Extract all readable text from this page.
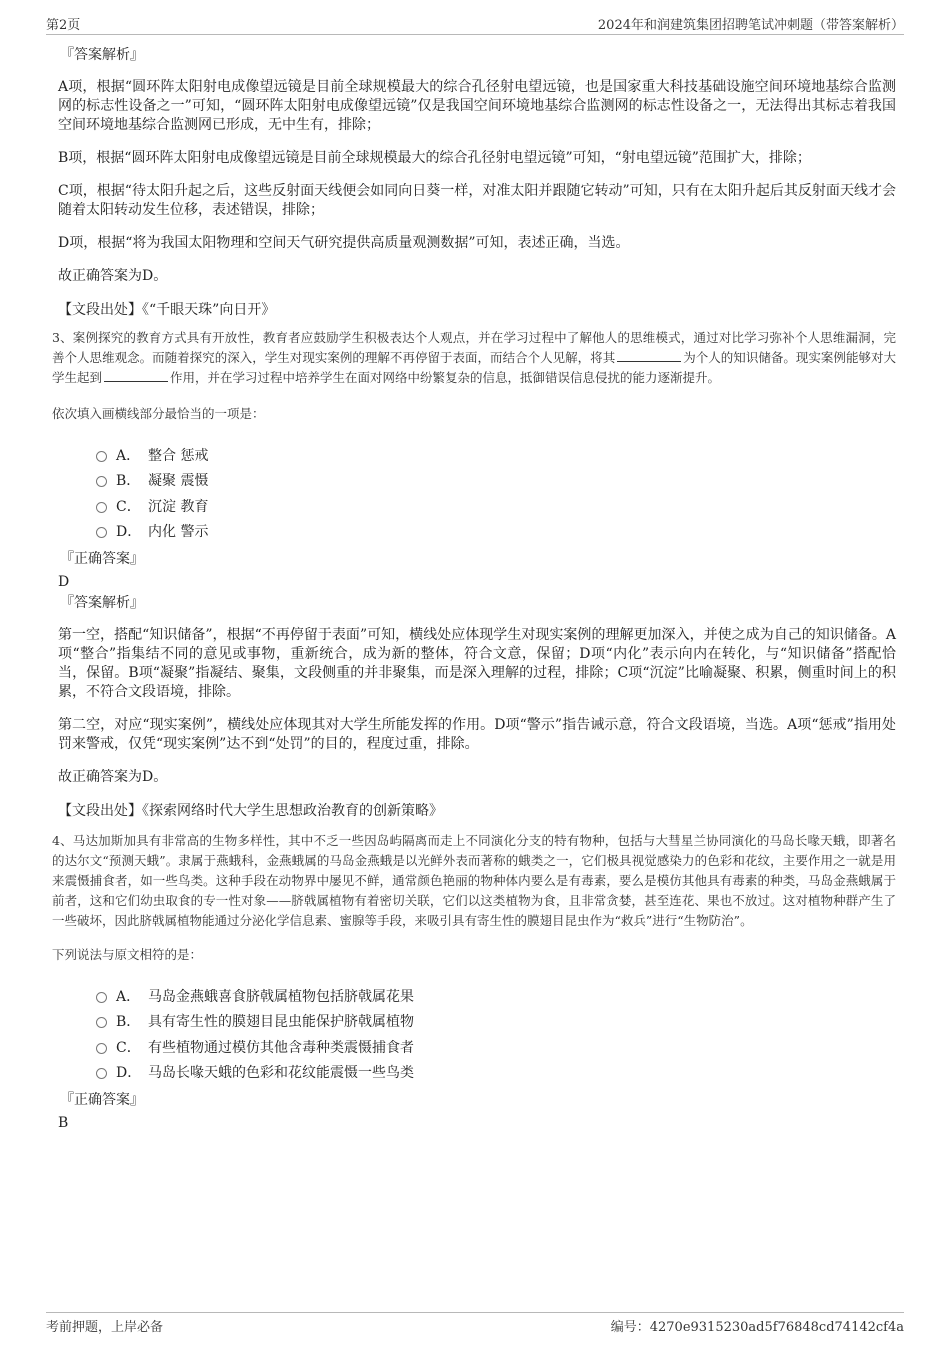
第2页	2024年和润建筑集团招聘笔试冲刺题（带答案解析）
『答案解析』
A项，根据“圆环阵太阳射电成像望远镜是目前全球规模最大的综合孔径射电望远镜，也是国家重大科技基础设施空间环境地基综合监测网的标志性设备之一”可知，“圆环阵太阳射电成像望远镜”仅是我国空间环境地基综合监测网的标志性设备之一，无法得出其标志着我国空间环境地基综合监测网已形成，无中生有，排除；
B项，根据“圆环阵太阳射电成像望远镜是目前全球规模最大的综合孔径射电望远镜”可知，“射电望远镜”范围扩大，排除；
C项，根据“待太阳升起之后，这些反射面天线便会如同向日葵一样，对准太阳并跟随它转动”可知，只有在太阳升起后其反射面天线才会随着太阳转动发生位移，表述错误，排除；
D项，根据“将为我国太阳物理和空间天气研究提供高质量观测数据”可知，表述正确，当选。
故正确答案为D。
【文段出处】《“千眼天珠”向日开》
3、案例探究的教育方式具有开放性，教育者应鼓励学生积极表达个人观点，并在学习过程中了解他人的思维模式，通过对比学习弥补个人思维漏洞，完善个人思维观念。而随着探究的深入，学生对现实案例的理解不再停留于表面，而结合个人见解，将其	为个人的知识储备。现实案例能够对大学生起到	作用，并在学习过程中培养学生在面对网络中纷繁复杂的信息，抵御错误信息侵扰的能力逐渐提升。
依次填入画横线部分最恰当的一项是：
A． 整合 惩戒
B． 凝聚 震慑
C． 沉淀 教育
D． 内化 警示
『正确答案』
D
『答案解析』
第一空，搭配“知识储备”，根据“不再停留于表面”可知，横线处应体现学生对现实案例的理解更加深入，并使之成为自己的知识储备。A项“整合”指集结不同的意见或事物，重新统合，成为新的整体，符合文意，保留；D项“内化”表示向内在转化，与“知识储备”搭配恰当，保留。B项“凝聚”指凝结、聚集，文段侧重的并非聚集，而是深入理解的过程，排除；C项“沉淀”比喻凝聚、积累，侧重时间上的积累，不符合文段语境，排除。
第二空，对应“现实案例”，横线处应体现其对大学生所能发挥的作用。D项“警示”指告诫示意，符合文段语境，当选。A项“惩戒”指用处罚来警戒，仅凭“现实案例”达不到“处罚”的目的，程度过重，排除。
故正确答案为D。
【文段出处】《探索网络时代大学生思想政治教育的创新策略》
4、马达加斯加具有非常高的生物多样性，其中不乏一些因岛屿隔离而走上不同演化分支的特有物种，包括与大彗星兰协同演化的马岛长喙天蛾，即著名的达尔文“预测天蛾”。隶属于燕蛾科，金燕蛾属的马岛金燕蛾是以光鲜外表而著称的蛾类之一，它们极具视觉感染力的色彩和花纹，主要作用之一就是用来震慑捕食者，如一些鸟类。这种手段在动物界中屡见不鲜，通常颜色艳丽的物种体内要么是有毒素，要么是模仿其他具有毒素的种类，马岛金燕蛾属于前者，这和它们幼虫取食的专一性对象——脐戟属植物有着密切关联，它们以这类植物为食，且非常贪婪，甚至连花、果也不放过。这对植物种群产生了一些破坏，因此脐戟属植物能通过分泌化学信息素、蜜腺等手段，来吸引具有寄生性的膜翅目昆虫作为“救兵”进行“生物防治”。
下列说法与原文相符的是：
A． 马岛金燕蛾喜食脐戟属植物包括脐戟属花果
B． 具有寄生性的膜翅目昆虫能保护脐戟属植物
C． 有些植物通过模仿其他含毒种类震慑捕食者
D． 马岛长喙天蛾的色彩和花纹能震慑一些鸟类
『正确答案』
B
考前押题，上岸必备	编号：4270e9315230ad5f76848cd74142cf4a
